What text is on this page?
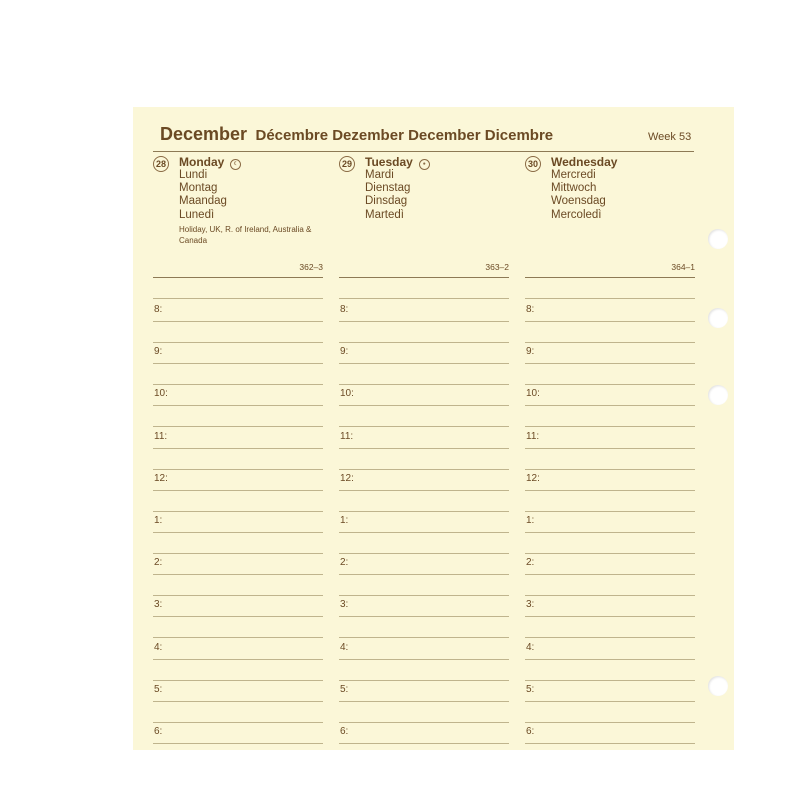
December Décembre Dezember December Dicembre	Week 53
28 Monday ☾
Lundi
Montag
Maandag
Lunedì
Holiday, UK, R. of Ireland, Australia & Canada
362–3
29 Tuesday ●
Mardi
Dienstag
Dinsdag
Martedì
363–2
30 Wednesday
Mercredi
Mittwoch
Woensdag
Mercoledì
364–1
8:
9:
10:
11:
12:
1:
2:
3:
4:
5:
6:
8:
9:
10:
11:
12:
1:
2:
3:
4:
5:
6:
8:
9:
10:
11:
12:
1:
2:
3:
4:
5:
6:
